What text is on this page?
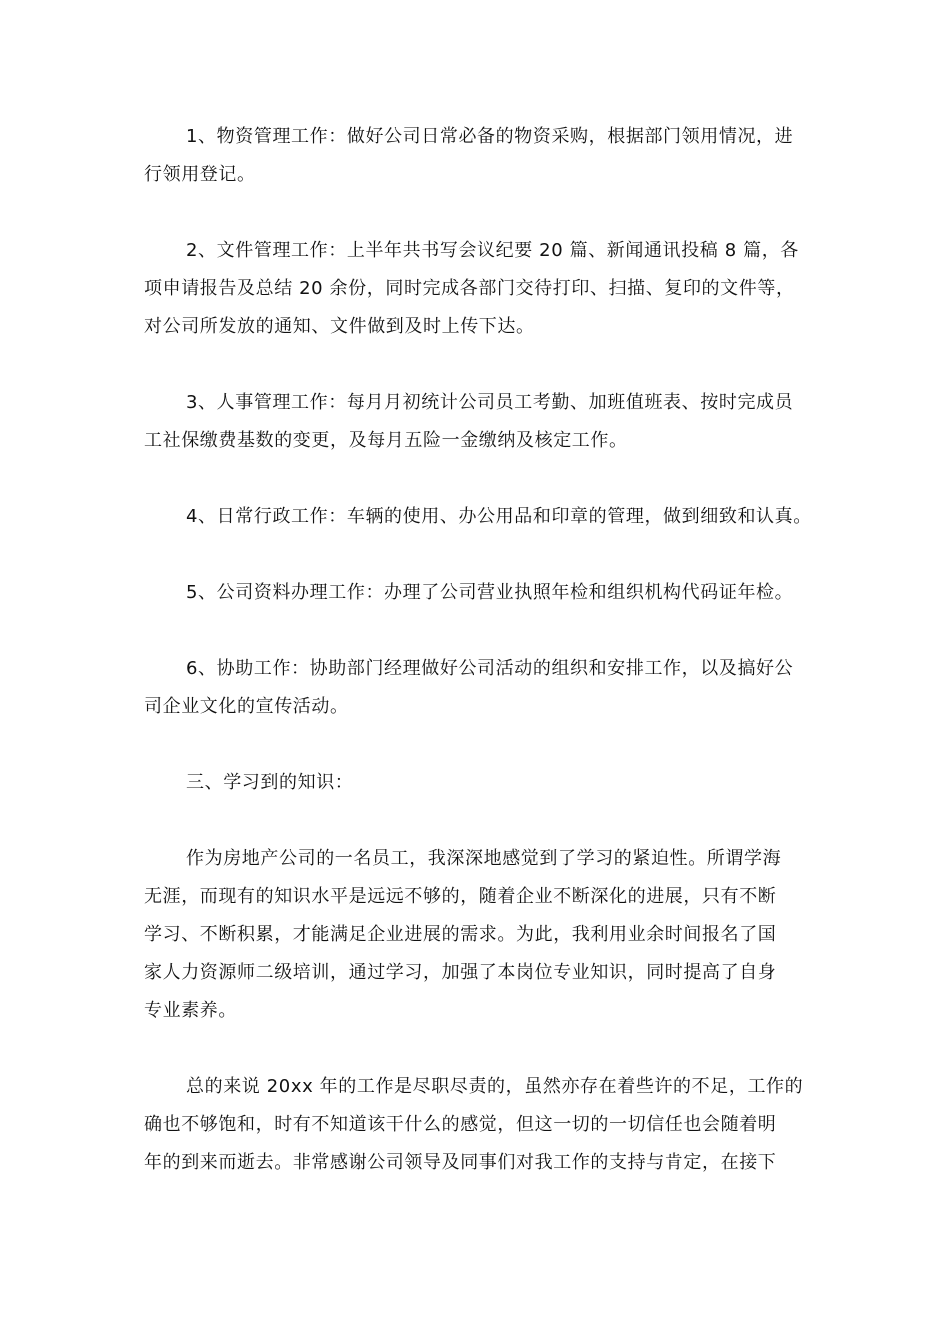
1、物资管理工作：做好公司日常必备的物资采购，根据部门领用情况，进
行领用登记。

2、文件管理工作：上半年共书写会议纪要 20 篇、新闻通讯投稿 8 篇，各
项申请报告及总结 20 余份，同时完成各部门交待打印、扫描、复印的文件等，
对公司所发放的通知、文件做到及时上传下达。

3、人事管理工作：每月月初统计公司员工考勤、加班值班表、按时完成员
工社保缴费基数的变更，及每月五险一金缴纳及核定工作。

4、日常行政工作：车辆的使用、办公用品和印章的管理，做到细致和认真。

5、公司资料办理工作：办理了公司营业执照年检和组织机构代码证年检。

6、协助工作：协助部门经理做好公司活动的组织和安排工作，以及搞好公
司企业文化的宣传活动。

三、学习到的知识：

作为房地产公司的一名员工，我深深地感觉到了学习的紧迫性。所谓学海
无涯，而现有的知识水平是远远不够的，随着企业不断深化的进展，只有不断
学习、不断积累，才能满足企业进展的需求。为此，我利用业余时间报名了国
家人力资源师二级培训，通过学习，加强了本岗位专业知识，同时提高了自身
专业素养。

总的来说 20xx 年的工作是尽职尽责的，虽然亦存在着些许的不足，工作的
确也不够饱和，时有不知道该干什么的感觉，但这一切的一切信任也会随着明
年的到来而逝去。非常感谢公司领导及同事们对我工作的支持与肯定，在接下
